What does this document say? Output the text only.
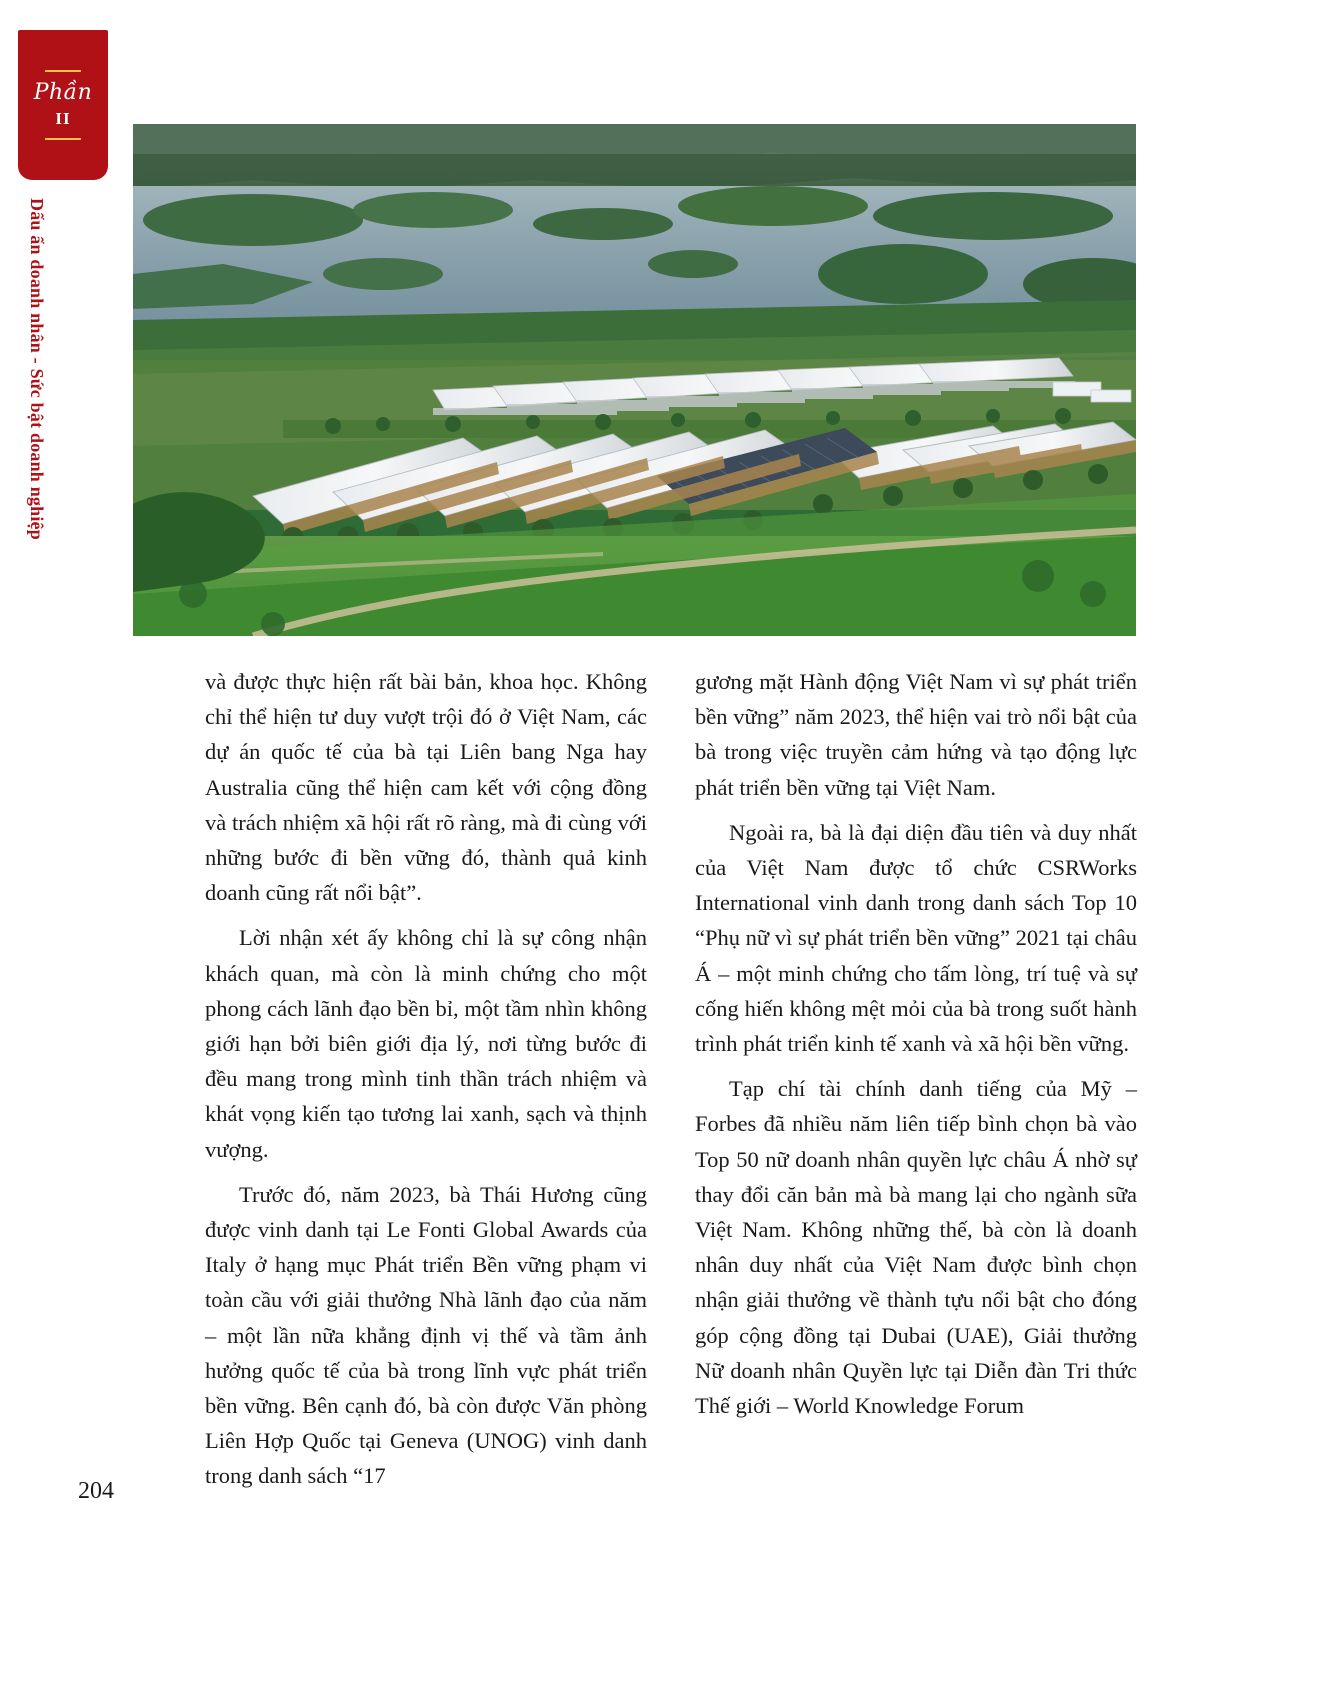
Phần
II
Dấu ấn doanh nhân - Sức bật doanh nghiệp

và được thực hiện rất bài bản, khoa học. Không chỉ thể hiện tư duy vượt trội đó ở Việt Nam, các dự án quốc tế của bà tại Liên bang Nga hay Australia cũng thể hiện cam kết với cộng đồng và trách nhiệm xã hội rất rõ ràng, mà đi cùng với những bước đi bền vững đó, thành quả kinh doanh cũng rất nổi bật”.

Lời nhận xét ấy không chỉ là sự công nhận khách quan, mà còn là minh chứng cho một phong cách lãnh đạo bền bỉ, một tầm nhìn không giới hạn bởi biên giới địa lý, nơi từng bước đi đều mang trong mình tinh thần trách nhiệm và khát vọng kiến tạo tương lai xanh, sạch và thịnh vượng.

Trước đó, năm 2023, bà Thái Hương cũng được vinh danh tại Le Fonti Global Awards của Italy ở hạng mục Phát triển Bền vững phạm vi toàn cầu với giải thưởng Nhà lãnh đạo của năm – một lần nữa khẳng định vị thế và tầm ảnh hưởng quốc tế của bà trong lĩnh vực phát triển bền vững. Bên cạnh đó, bà còn được Văn phòng Liên Hợp Quốc tại Geneva (UNOG) vinh danh trong danh sách “17

gương mặt Hành động Việt Nam vì sự phát triển bền vững” năm 2023, thể hiện vai trò nổi bật của bà trong việc truyền cảm hứng và tạo động lực phát triển bền vững tại Việt Nam.

Ngoài ra, bà là đại diện đầu tiên và duy nhất của Việt Nam được tổ chức CSRWorks International vinh danh trong danh sách Top 10 “Phụ nữ vì sự phát triển bền vững” 2021 tại châu Á – một minh chứng cho tấm lòng, trí tuệ và sự cống hiến không mệt mỏi của bà trong suốt hành trình phát triển kinh tế xanh và xã hội bền vững.

Tạp chí tài chính danh tiếng của Mỹ – Forbes đã nhiều năm liên tiếp bình chọn bà vào Top 50 nữ doanh nhân quyền lực châu Á nhờ sự thay đổi căn bản mà bà mang lại cho ngành sữa Việt Nam. Không những thế, bà còn là doanh nhân duy nhất của Việt Nam được bình chọn nhận giải thưởng về thành tựu nổi bật cho đóng góp cộng đồng tại Dubai (UAE), Giải thưởng Nữ doanh nhân Quyền lực tại Diễn đàn Tri thức Thế giới – World Knowledge Forum

204
